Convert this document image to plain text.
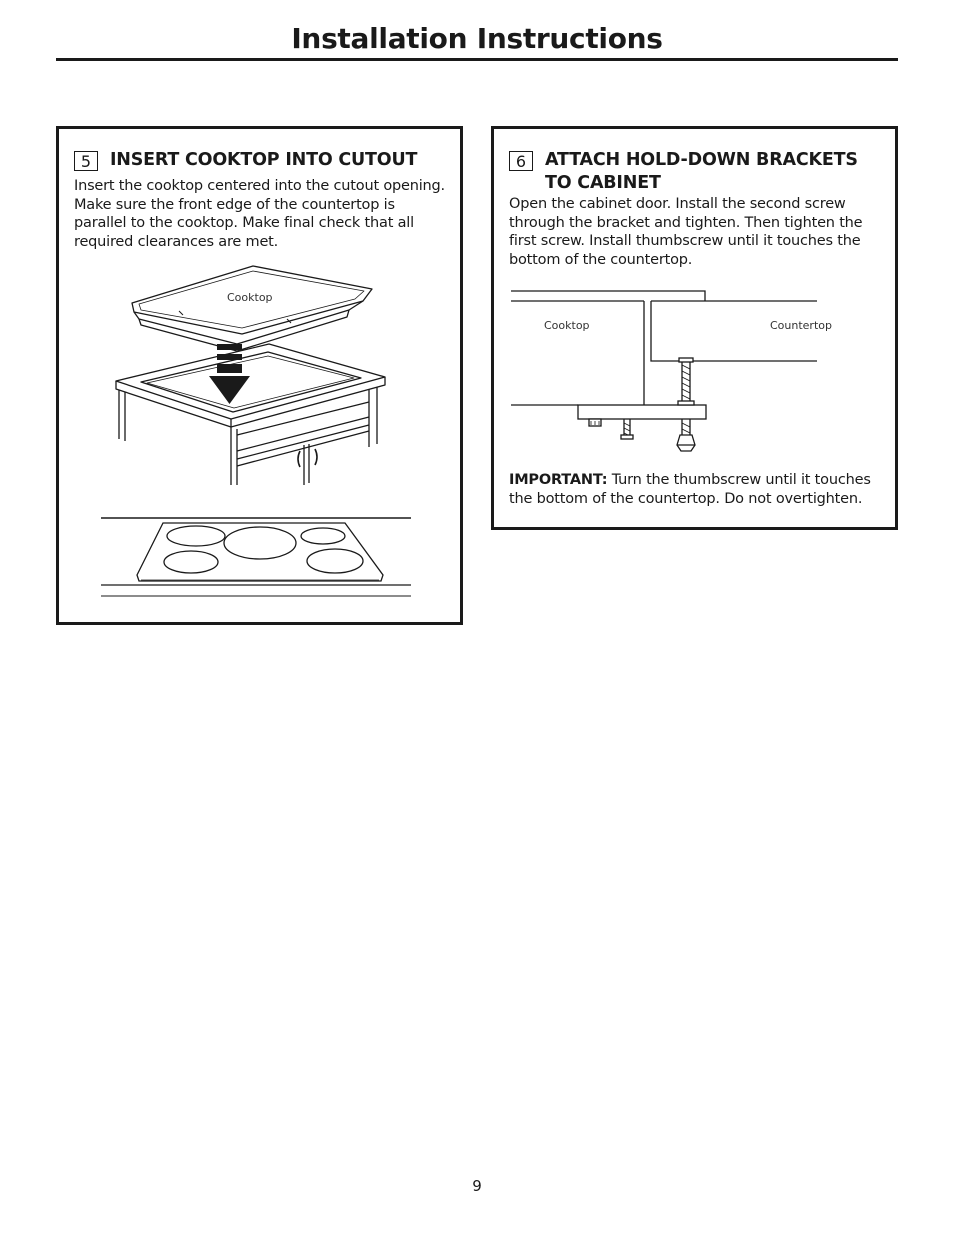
Installation Instructions
5	INSERT COOKTOP INTO CUTOUT
Insert the cooktop centered into the cutout opening. Make sure the front edge of the countertop is parallel to the cooktop. Make final check that all required clearances are met.
Cooktop
6	ATTACH HOLD-DOWN BRACKETS TO CABINET
Open the cabinet door. Install the second screw through the bracket and tighten. Then tighten the first screw. Install thumbscrew until it touches the bottom of the countertop.
Cooktop	Countertop
IMPORTANT: Turn the thumbscrew until it touches the bottom of the countertop. Do not overtighten.
9
